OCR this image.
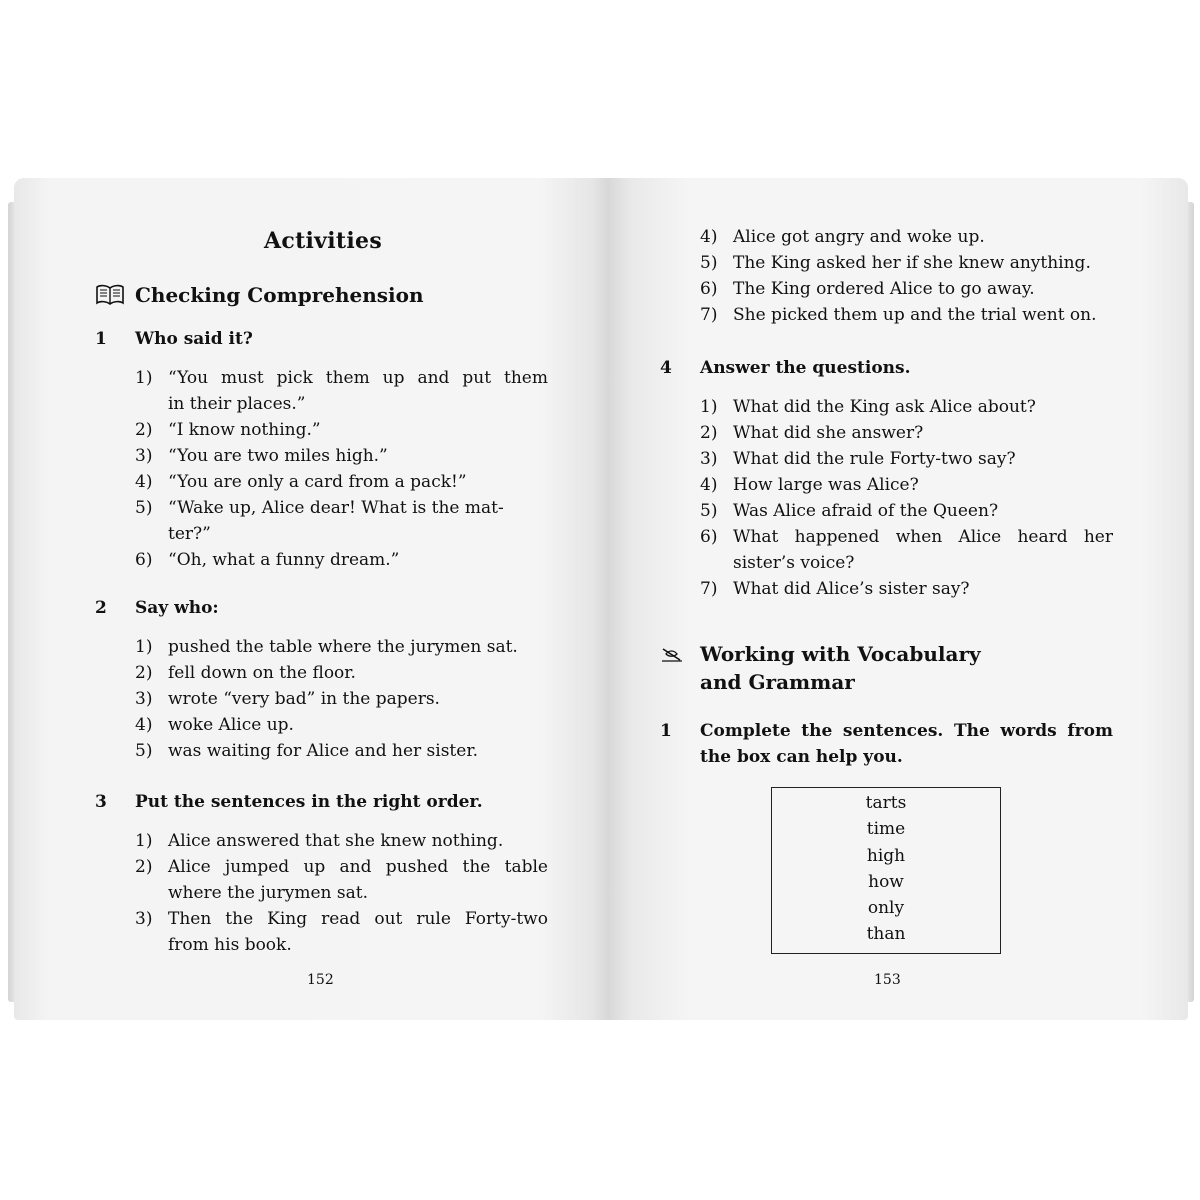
Activities
Checking Comprehension
1 Who said it?
1) “You must pick them up and put them
in their places.”
2) “I know nothing.”
3) “You are two miles high.”
4) “You are only a card from a pack!”
5) “Wake up, Alice dear! What is the mat-
ter?”
6) “Oh, what a funny dream.”
2 Say who:
1) pushed the table where the jurymen sat.
2) fell down on the floor.
3) wrote “very bad” in the papers.
4) woke Alice up.
5) was waiting for Alice and her sister.
3 Put the sentences in the right order.
1) Alice answered that she knew nothing.
2) Alice jumped up and pushed the table
where the jurymen sat.
3) Then the King read out rule Forty-two
from his book.
152
4) Alice got angry and woke up.
5) The King asked her if she knew anything.
6) The King ordered Alice to go away.
7) She picked them up and the trial went on.
4 Answer the questions.
1) What did the King ask Alice about?
2) What did she answer?
3) What did the rule Forty-two say?
4) How large was Alice?
5) Was Alice afraid of the Queen?
6) What happened when Alice heard her
sister’s voice?
7) What did Alice’s sister say?
Working with Vocabulary
and Grammar
1 Complete the sentences. The words from
the box can help you.
tarts
time
high
how
only
than
153
